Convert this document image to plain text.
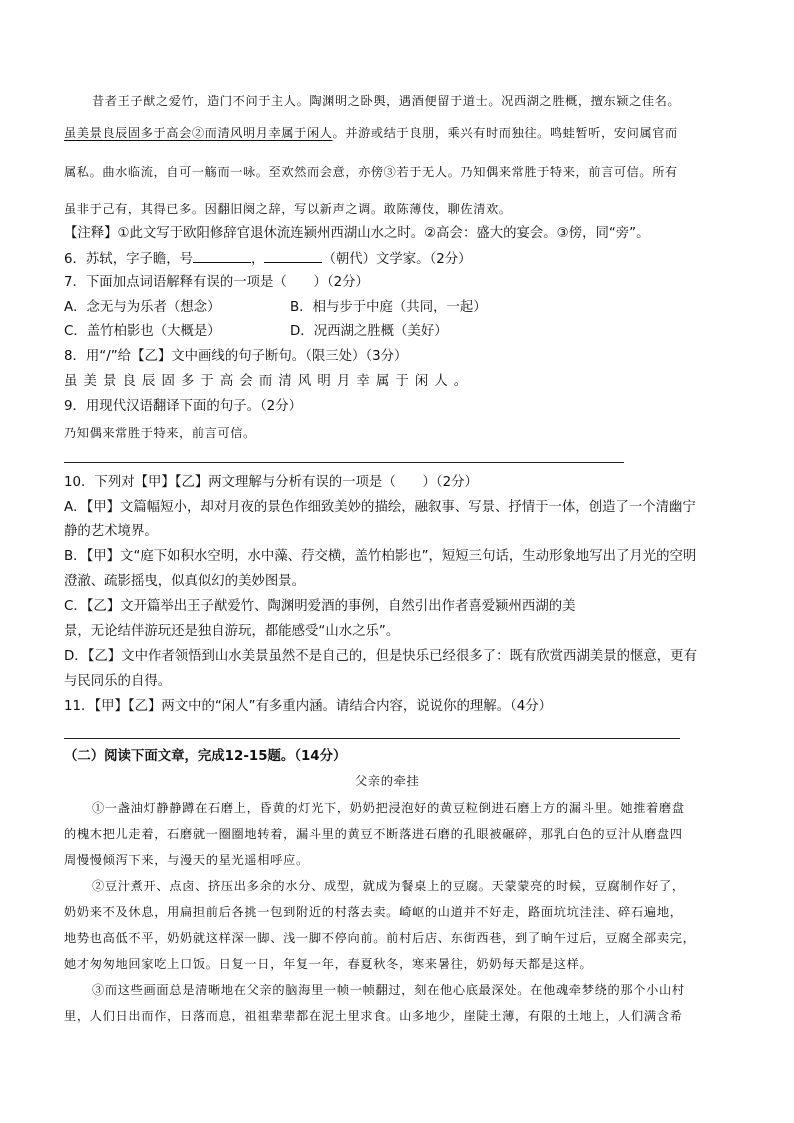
昔者王子猷之爱竹，造门不问于主人。陶渊明之卧舆，遇酒便留于道士。况西湖之胜概，擅东颍之佳名。
虽美景良辰固多于高会②而清风明月幸属于闲人。并游或结于良朋，乘兴有时而独往。鸣蛙暂听，安问属官而
属私。曲水临流，自可一觞而一咏。至欢然而会意，亦傍③若于无人。乃知偶来常胜于特来，前言可信。所有
虽非于己有，其得已多。因翻旧阕之辞，写以新声之调。敢陈薄伎，聊佐清欢。
【注释】①此文写于欧阳修辞官退休流连颍州西湖山水之时。②高会：盛大的宴会。③傍，同“旁”。
6．苏轼，字子瞻，号	，	（朝代）文学家。（2分）
7．下面加点词语解释有误的一项是（　　）（2分）
A．念无与为乐者（想念）	B．相与步于中庭（共同，一起）
C．盖竹柏影也（大概是）	D．况西湖之胜概（美好）
8．用“/”给【乙】文中画线的句子断句。（限三处）（3分）
虽美景良辰固多于高会而清风明月幸属于闲人。
9．用现代汉语翻译下面的句子。（2分）
乃知偶来常胜于特来，前言可信。
10．下列对【甲】【乙】两文理解与分析有误的一项是（　　）（2分）
A．【甲】文篇幅短小，却对月夜的景色作细致美妙的描绘，融叙事、写景、抒情于一体，创造了一个清幽宁
静的艺术境界。
B．【甲】文“庭下如积水空明，水中藻、荇交横，盖竹柏影也”，短短三句话，生动形象地写出了月光的空明
澄澈、疏影摇曳，似真似幻的美妙图景。
C．【乙】文开篇举出王子猷爱竹、陶渊明爱酒的事例，自然引出作者喜爱颍州西湖的美
景，无论结伴游玩还是独自游玩，都能感受“山水之乐”。
D．【乙】文中作者领悟到山水美景虽然不是自己的，但是快乐已经很多了：既有欣赏西湖美景的惬意，更有
与民同乐的自得。
11．【甲】【乙】两文中的“闲人”有多重内涵。请结合内容，说说你的理解。（4分）
（二）阅读下面文章，完成12-15题。（14分）
父亲的牵挂
①一盏油灯静静蹲在石磨上，昏黄的灯光下，奶奶把浸泡好的黄豆粒倒进石磨上方的漏斗里。她推着磨盘
的槐木把儿走着，石磨就一圈圈地转着，漏斗里的黄豆不断落进石磨的孔眼被碾碎，那乳白色的豆汁从磨盘四
周慢慢倾泻下来，与漫天的星光遥相呼应。
②豆汁煮开、点卤、挤压出多余的水分、成型，就成为餐桌上的豆腐。天蒙蒙亮的时候，豆腐制作好了，
奶奶来不及休息，用扁担前后各挑一包到附近的村落去卖。崎岖的山道并不好走，路面坑坑洼洼、碎石遍地，
地势也高低不平，奶奶就这样深一脚、浅一脚不停向前。前村后店、东街西巷，到了晌午过后，豆腐全部卖完，
她才匆匆地回家吃上口饭。日复一日，年复一年，春夏秋冬，寒来暑往，奶奶每天都是这样。
③而这些画面总是清晰地在父亲的脑海里一帧一帧翻过，刻在他心底最深处。在他魂牵梦绕的那个小山村
里，人们日出而作，日落而息，祖祖辈辈都在泥土里求食。山多地少，崖陡土薄，有限的土地上，人们满含希
